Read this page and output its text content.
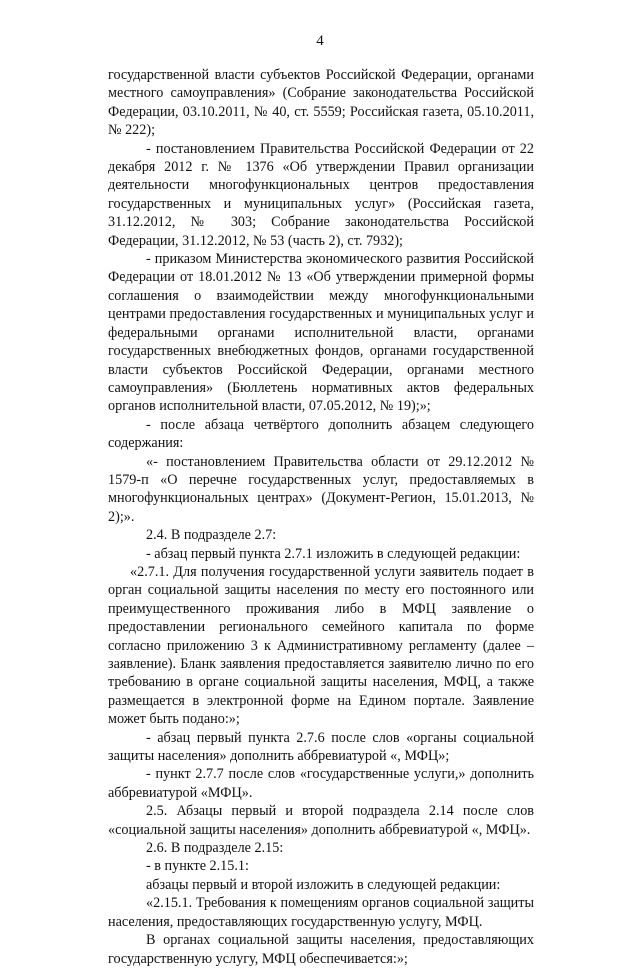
4

государственной власти субъектов Российской Федерации, органами местного самоуправления» (Собрание законодательства Российской Федерации, 03.10.2011, № 40, ст. 5559; Российская газета, 05.10.2011, № 222);

- постановлением Правительства Российской Федерации от 22 декабря 2012 г. № 1376 «Об утверждении Правил организации деятельности многофункциональных центров предоставления государственных и муниципальных услуг» (Российская газета, 31.12.2012, № 303; Собрание законодательства Российской Федерации, 31.12.2012, № 53 (часть 2), ст. 7932);

- приказом Министерства экономического развития Российской Федерации от 18.01.2012 № 13 «Об утверждении примерной формы соглашения о взаимодействии между многофункциональными центрами предоставления государственных и муниципальных услуг и федеральными органами исполнительной власти, органами государственных внебюджетных фондов, органами государственной власти субъектов Российской Федерации, органами местного самоуправления» (Бюллетень нормативных актов федеральных органов исполнительной власти, 07.05.2012, № 19);»;

- после абзаца четвёртого дополнить абзацем следующего содержания:

«- постановлением Правительства области от 29.12.2012 № 1579-п «О перечне государственных услуг, предоставляемых в многофункциональных центрах» (Документ-Регион, 15.01.2013, № 2);».

2.4. В подразделе 2.7:

- абзац первый пункта 2.7.1 изложить в следующей редакции:

«2.7.1. Для получения государственной услуги заявитель подает в орган социальной защиты населения по месту его постоянного или преимущественного проживания либо в МФЦ заявление о предоставлении регионального семейного капитала по форме согласно приложению 3 к Административному регламенту (далее – заявление). Бланк заявления предоставляется заявителю лично по его требованию в органе социальной защиты населения, МФЦ, а также размещается в электронной форме на Едином портале. Заявление может быть подано:»;

- абзац первый пункта 2.7.6 после слов «органы социальной защиты населения» дополнить аббревиатурой «, МФЦ»;

- пункт 2.7.7 после слов «государственные услуги,» дополнить аббревиатурой «МФЦ».

2.5. Абзацы первый и второй подраздела 2.14 после слов «социальной защиты населения» дополнить аббревиатурой «, МФЦ».

2.6. В подразделе 2.15:

- в пункте 2.15.1:

абзацы первый и второй изложить в следующей редакции:

«2.15.1. Требования к помещениям органов социальной защиты населения, предоставляющих государственную услугу, МФЦ.

В органах социальной защиты населения, предоставляющих государственную услугу, МФЦ обеспечивается:»;
